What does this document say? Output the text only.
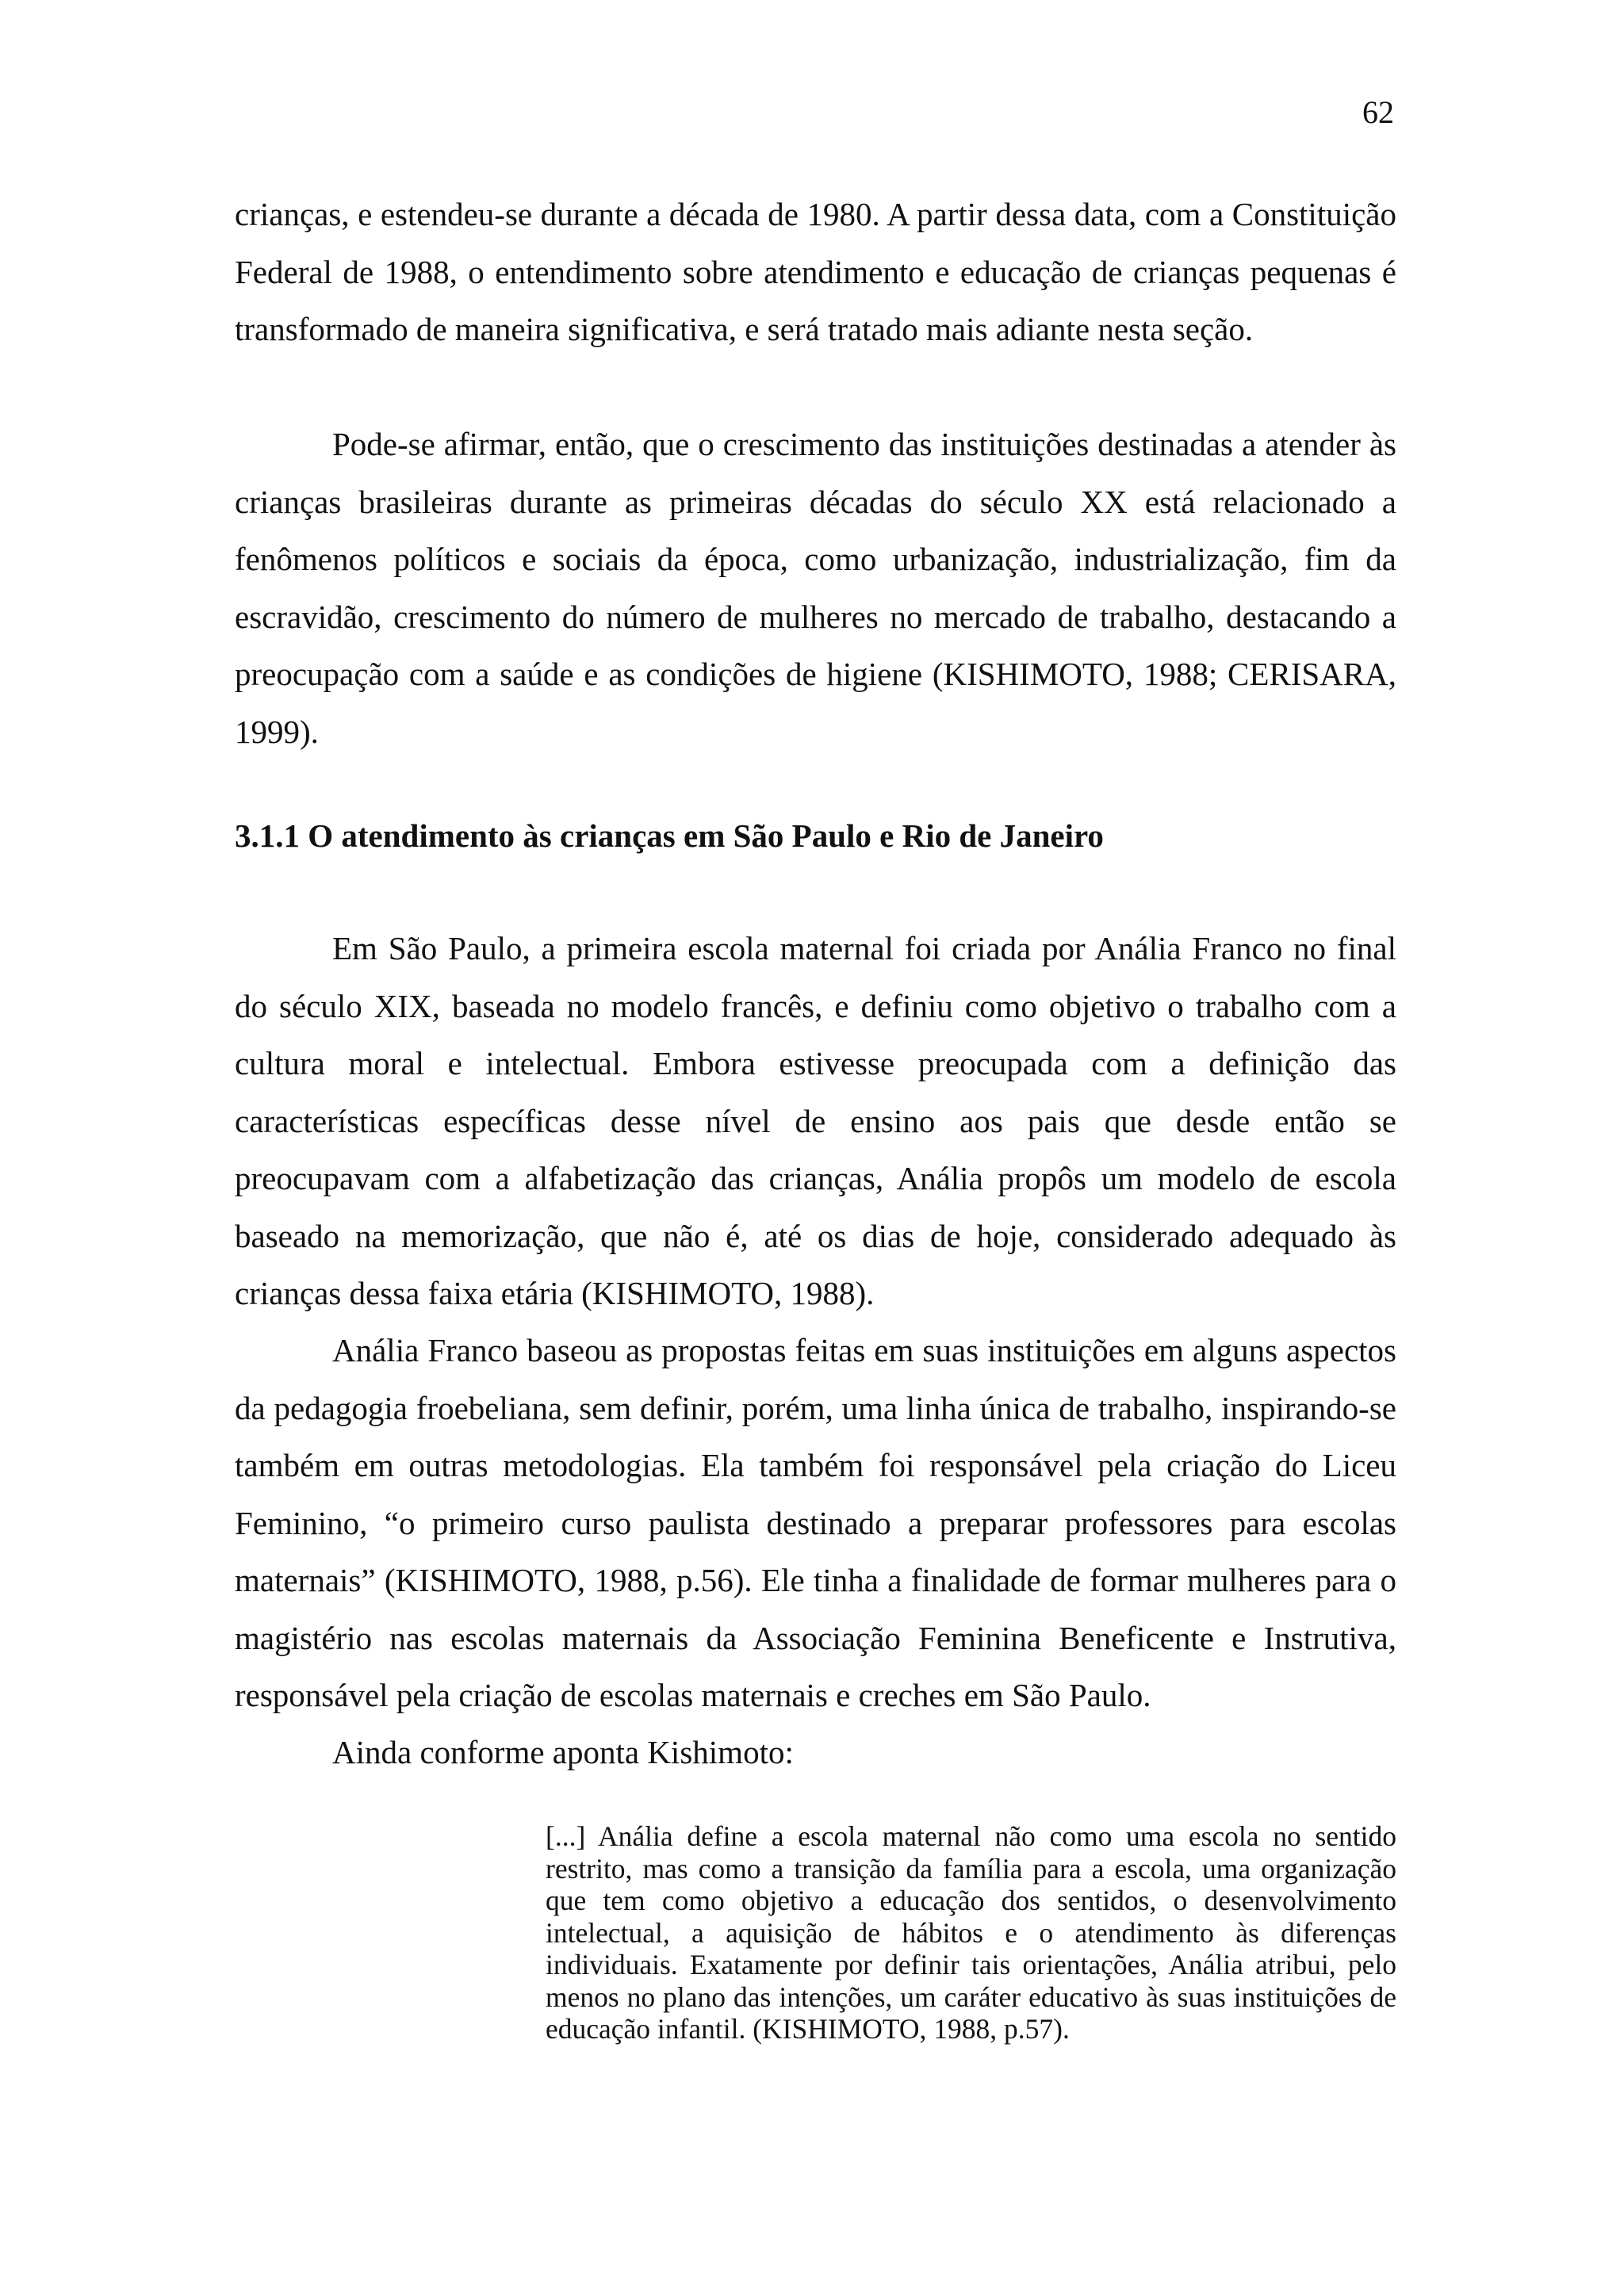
62

crianças, e estendeu-se durante a década de 1980. A partir dessa data, com a Constituição Federal de 1988, o entendimento sobre atendimento e educação de crianças pequenas é transformado de maneira significativa, e será tratado mais adiante nesta seção.

Pode-se afirmar, então, que o crescimento das instituições destinadas a atender às crianças brasileiras durante as primeiras décadas do século XX está relacionado a fenômenos políticos e sociais da época, como urbanização, industrialização, fim da escravidão, crescimento do número de mulheres no mercado de trabalho, destacando a preocupação com a saúde e as condições de higiene (KISHIMOTO, 1988; CERISARA, 1999).

3.1.1 O atendimento às crianças em São Paulo e Rio de Janeiro

Em São Paulo, a primeira escola maternal foi criada por Anália Franco no final do século XIX, baseada no modelo francês, e definiu como objetivo o trabalho com a cultura moral e intelectual. Embora estivesse preocupada com a definição das características específicas desse nível de ensino aos pais que desde então se preocupavam com a alfabetização das crianças, Anália propôs um modelo de escola baseado na memorização, que não é, até os dias de hoje, considerado adequado às crianças dessa faixa etária (KISHIMOTO, 1988).

Anália Franco baseou as propostas feitas em suas instituições em alguns aspectos da pedagogia froebeliana, sem definir, porém, uma linha única de trabalho, inspirando-se também em outras metodologias. Ela também foi responsável pela criação do Liceu Feminino, “o primeiro curso paulista destinado a preparar professores para escolas maternais” (KISHIMOTO, 1988, p.56). Ele tinha a finalidade de formar mulheres para o magistério nas escolas maternais da Associação Feminina Beneficente e Instrutiva, responsável pela criação de escolas maternais e creches em São Paulo.

Ainda conforme aponta Kishimoto:

[...] Anália define a escola maternal não como uma escola no sentido restrito, mas como a transição da família para a escola, uma organização que tem como objetivo a educação dos sentidos, o desenvolvimento intelectual, a aquisição de hábitos e o atendimento às diferenças individuais. Exatamente por definir tais orientações, Anália atribui, pelo menos no plano das intenções, um caráter educativo às suas instituições de educação infantil. (KISHIMOTO, 1988, p.57).
